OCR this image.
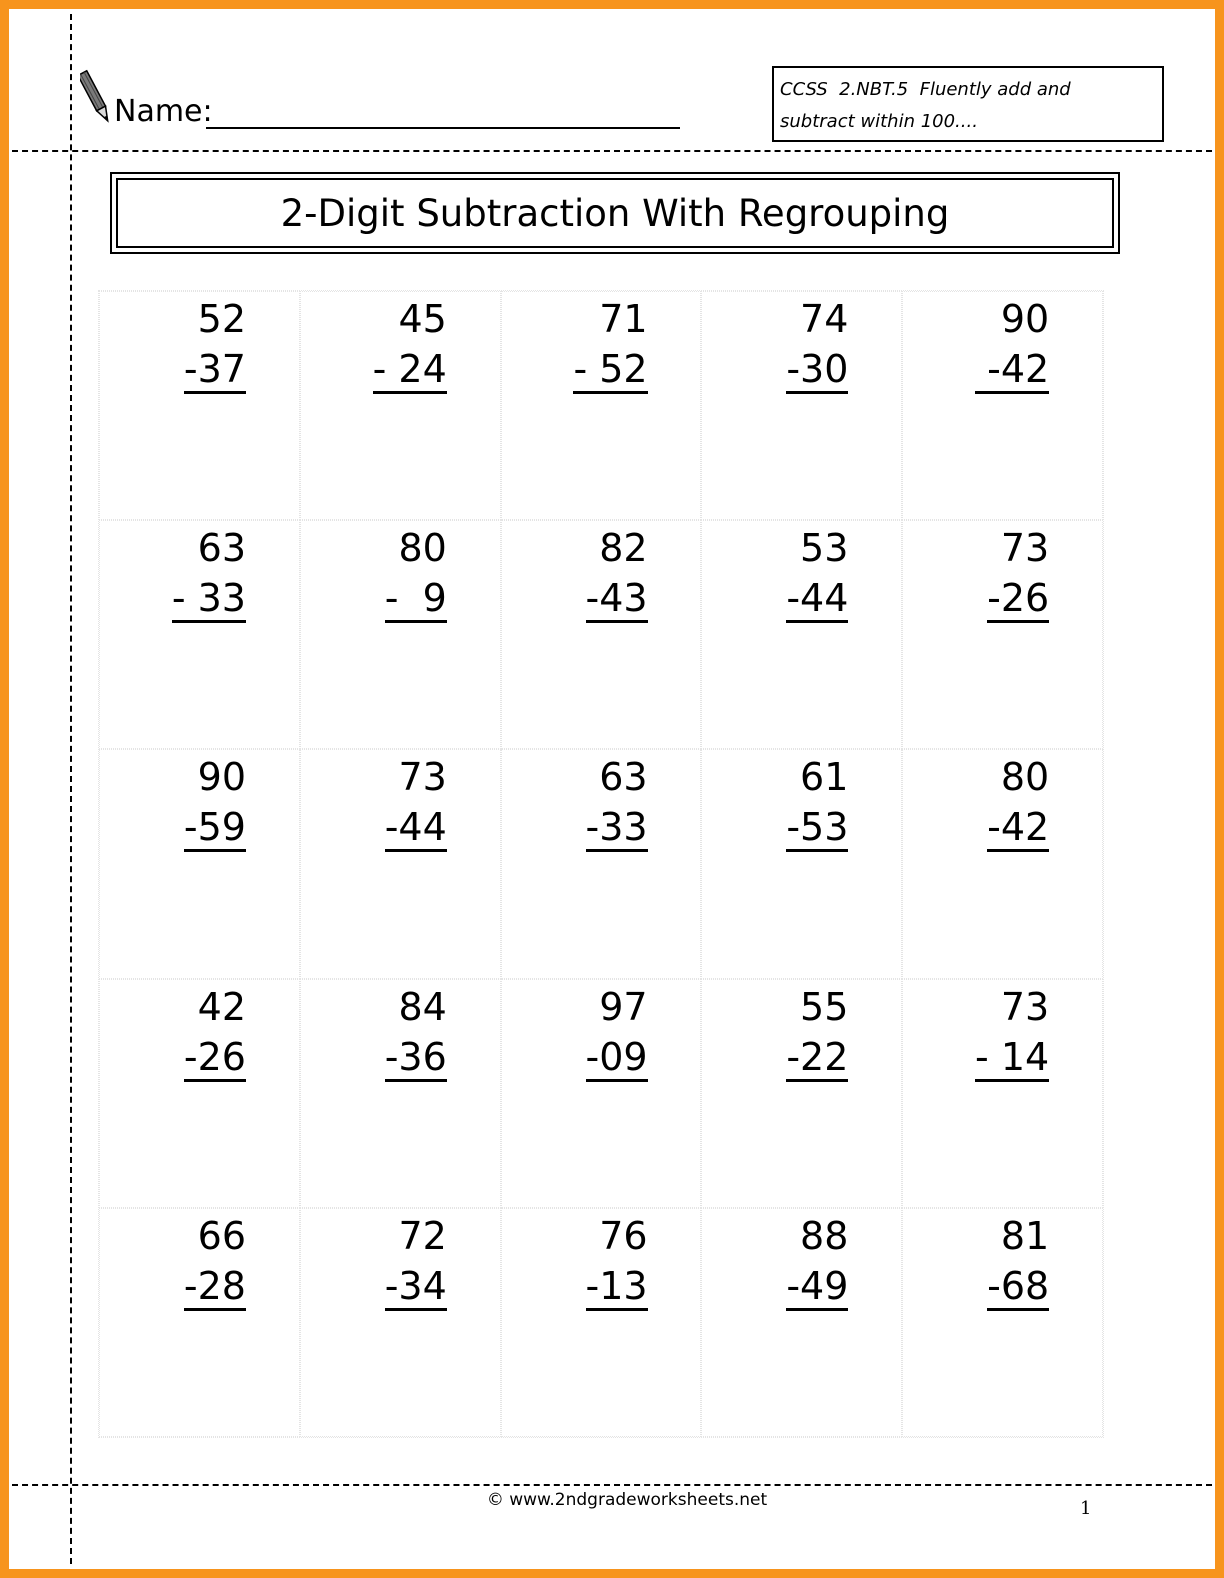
Name:
CCSS  2.NBT.5  Fluently add and
subtract within 100....
2-Digit Subtraction With Regrouping
52
-37
45
- 24
71
- 52
74
-30
90
-42
63
- 33
80
-  9
82
-43
53
-44
73
-26
90
-59
73
-44
63
-33
61
-53
80
-42
42
-26
84
-36
97
-09
55
-22
73
- 14
66
-28
72
-34
76
-13
88
-49
81
-68
© www.2ndgradeworksheets.net	1
